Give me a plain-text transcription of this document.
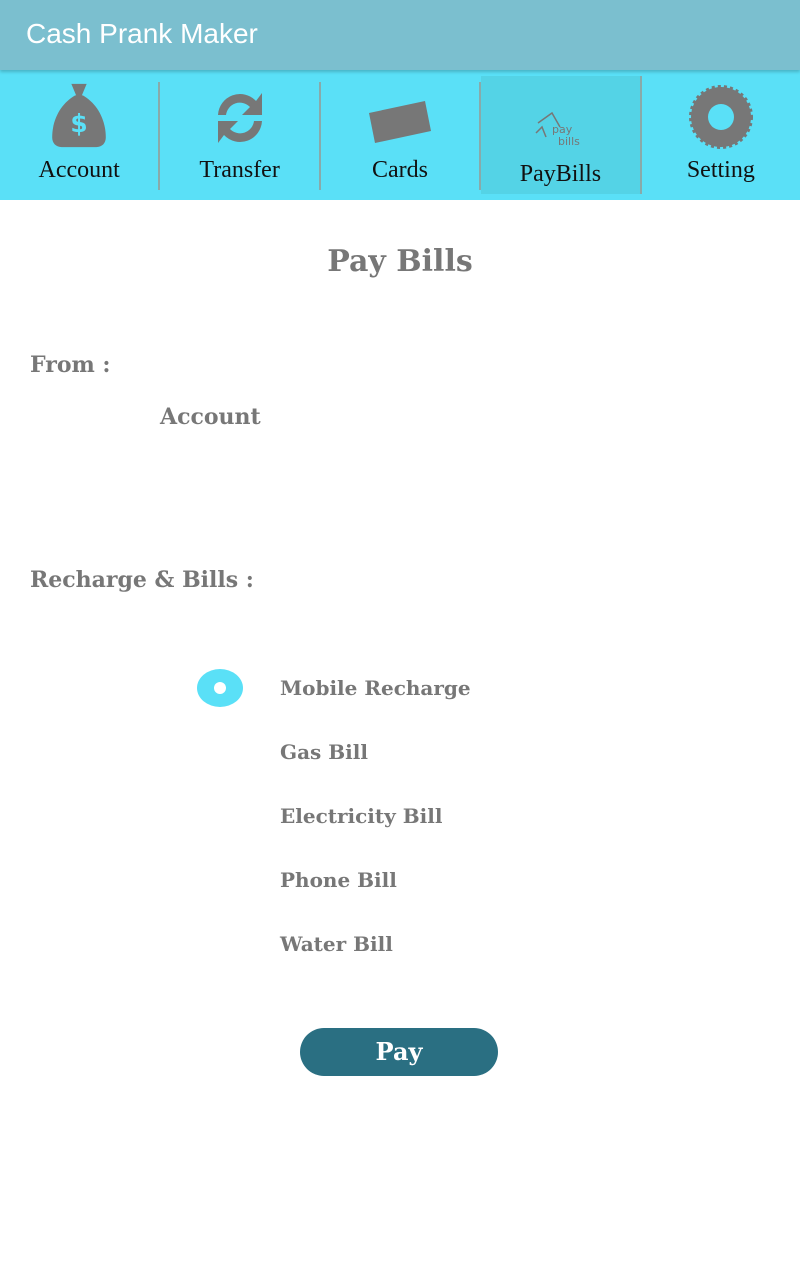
Cash Prank Maker
$
Account	Transfer	Cards
pay
bills
PayBills	Setting
Pay Bills
From :
Account
Recharge & Bills :
Mobile Recharge
Gas Bill
Electricity Bill
Phone Bill
Water Bill
Pay
